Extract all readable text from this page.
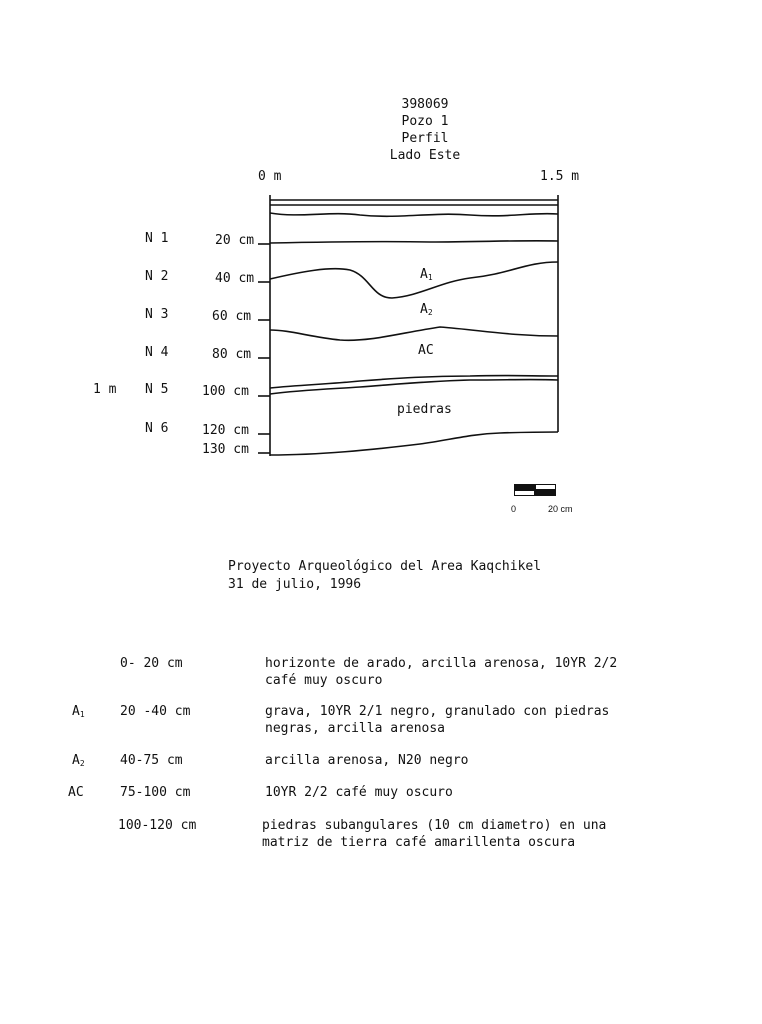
398069
Pozo 1
Perfil
Lado Este
0 m	1.5 m
N 1	20 cm
N 2	40 cm
N 3	60 cm
N 4	80 cm
1 m N 5	100 cm
N 6	120 cm
130 cm
$A_1$
$A_2$
AC
piedras
0	20 cm
Proyecto Arqueológico del Area Kaqchikel
31 de julio, 1996
0- 20 cm	horizonte de arado, arcilla arenosa, 10YR 2/2
café muy oscuro
$A_1$	20 -40 cm	grava, 10YR 2/1 negro, granulado con piedras
negras, arcilla arenosa
$A_2$	40-75 cm	arcilla arenosa, N20 negro
AC	75-100 cm	10YR 2/2 café muy oscuro
100-120 cm	piedras subangulares (10 cm diametro) en una
matriz de tierra café amarillenta oscura
